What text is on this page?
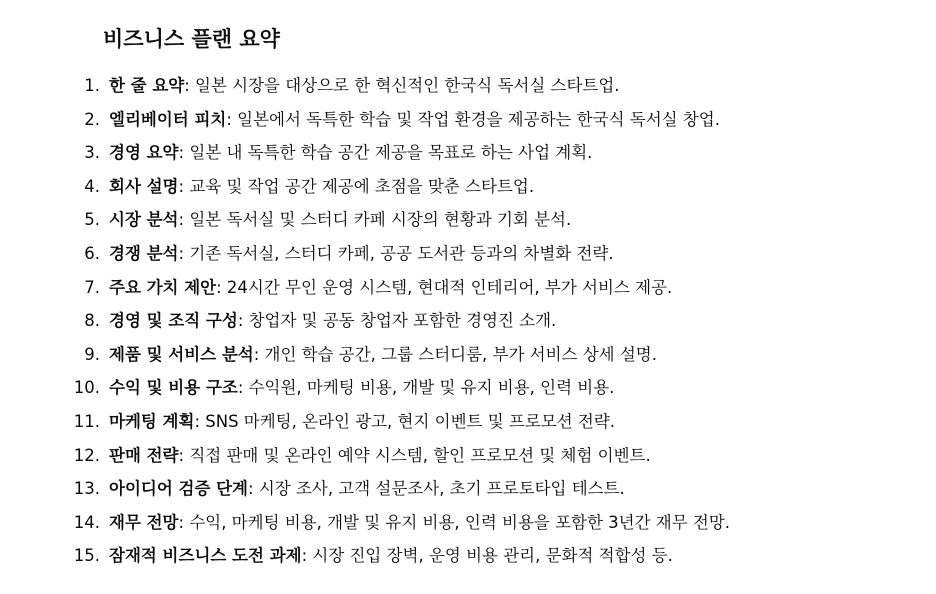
비즈니스 플랜 요약
1. 한 줄 요약: 일본 시장을 대상으로 한 혁신적인 한국식 독서실 스타트업.
2. 엘리베이터 피치: 일본에서 독특한 학습 및 작업 환경을 제공하는 한국식 독서실 창업.
3. 경영 요약: 일본 내 독특한 학습 공간 제공을 목표로 하는 사업 계획.
4. 회사 설명: 교육 및 작업 공간 제공에 초점을 맞춘 스타트업.
5. 시장 분석: 일본 독서실 및 스터디 카페 시장의 현황과 기회 분석.
6. 경쟁 분석: 기존 독서실, 스터디 카페, 공공 도서관 등과의 차별화 전략.
7. 주요 가치 제안: 24시간 무인 운영 시스템, 현대적 인테리어, 부가 서비스 제공.
8. 경영 및 조직 구성: 창업자 및 공동 창업자 포함한 경영진 소개.
9. 제품 및 서비스 분석: 개인 학습 공간, 그룹 스터디룸, 부가 서비스 상세 설명.
10. 수익 및 비용 구조: 수익원, 마케팅 비용, 개발 및 유지 비용, 인력 비용.
11. 마케팅 계획: SNS 마케팅, 온라인 광고, 현지 이벤트 및 프로모션 전략.
12. 판매 전략: 직접 판매 및 온라인 예약 시스템, 할인 프로모션 및 체험 이벤트.
13. 아이디어 검증 단계: 시장 조사, 고객 설문조사, 초기 프로토타입 테스트.
14. 재무 전망: 수익, 마케팅 비용, 개발 및 유지 비용, 인력 비용을 포함한 3년간 재무 전망.
15. 잠재적 비즈니스 도전 과제: 시장 진입 장벽, 운영 비용 관리, 문화적 적합성 등.
